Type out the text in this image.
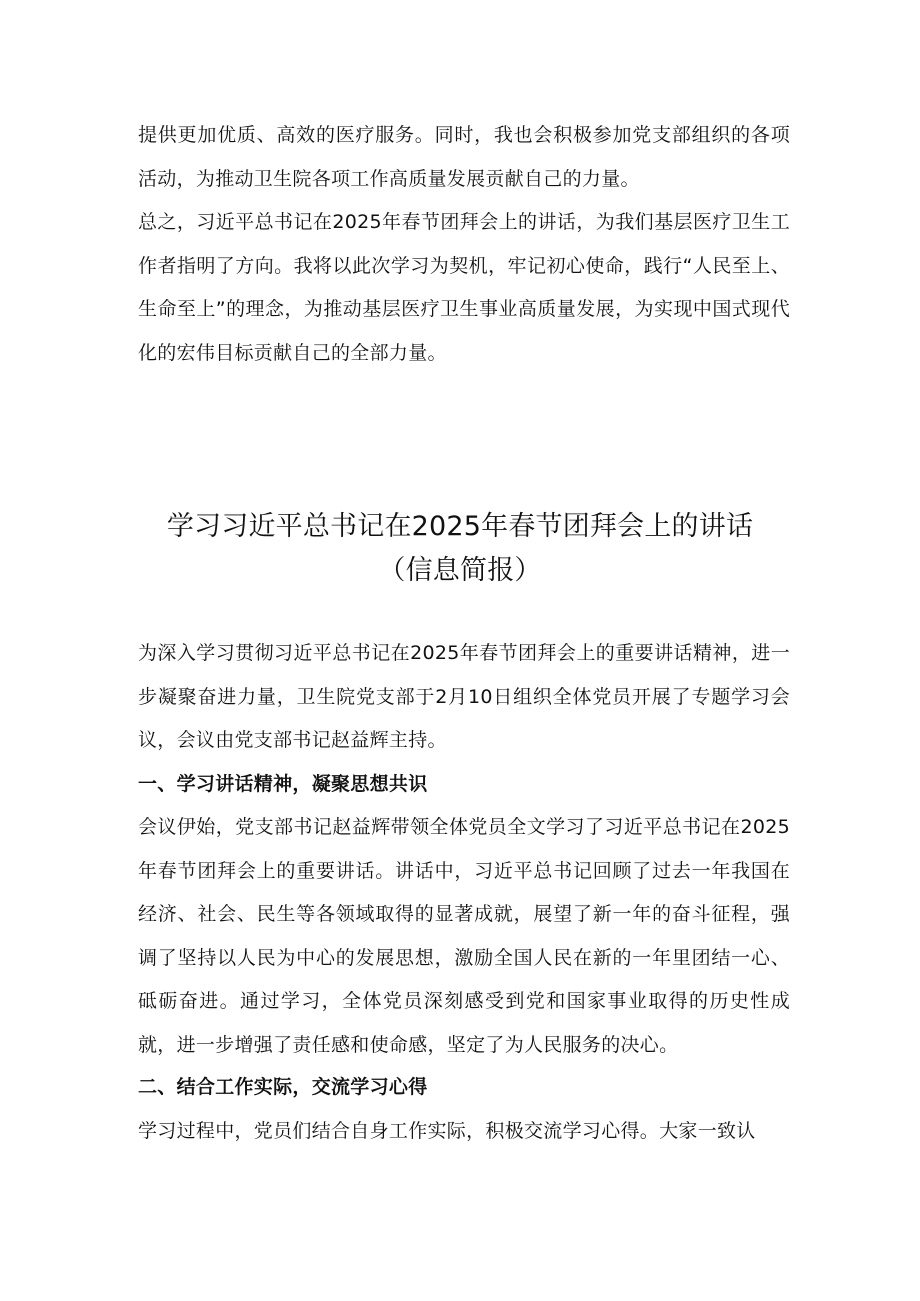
提供更加优质、高效的医疗服务。同时，我也会积极参加党支部组织的各项活动，为推动卫生院各项工作高质量发展贡献自己的力量。

总之，习近平总书记在2025年春节团拜会上的讲话，为我们基层医疗卫生工作者指明了方向。我将以此次学习为契机，牢记初心使命，践行“人民至上、生命至上”的理念，为推动基层医疗卫生事业高质量发展，为实现中国式现代化的宏伟目标贡献自己的全部力量。

学习习近平总书记在2025年春节团拜会上的讲话
（信息简报）

为深入学习贯彻习近平总书记在2025年春节团拜会上的重要讲话精神，进一步凝聚奋进力量，卫生院党支部于2月10日组织全体党员开展了专题学习会议，会议由党支部书记赵益辉主持。

一、学习讲话精神，凝聚思想共识

会议伊始，党支部书记赵益辉带领全体党员全文学习了习近平总书记在2025年春节团拜会上的重要讲话。讲话中，习近平总书记回顾了过去一年我国在经济、社会、民生等各领域取得的显著成就，展望了新一年的奋斗征程，强调了坚持以人民为中心的发展思想，激励全国人民在新的一年里团结一心、砥砺奋进。通过学习，全体党员深刻感受到党和国家事业取得的历史性成就，进一步增强了责任感和使命感，坚定了为人民服务的决心。

二、结合工作实际，交流学习心得

学习过程中，党员们结合自身工作实际，积极交流学习心得。大家一致认
